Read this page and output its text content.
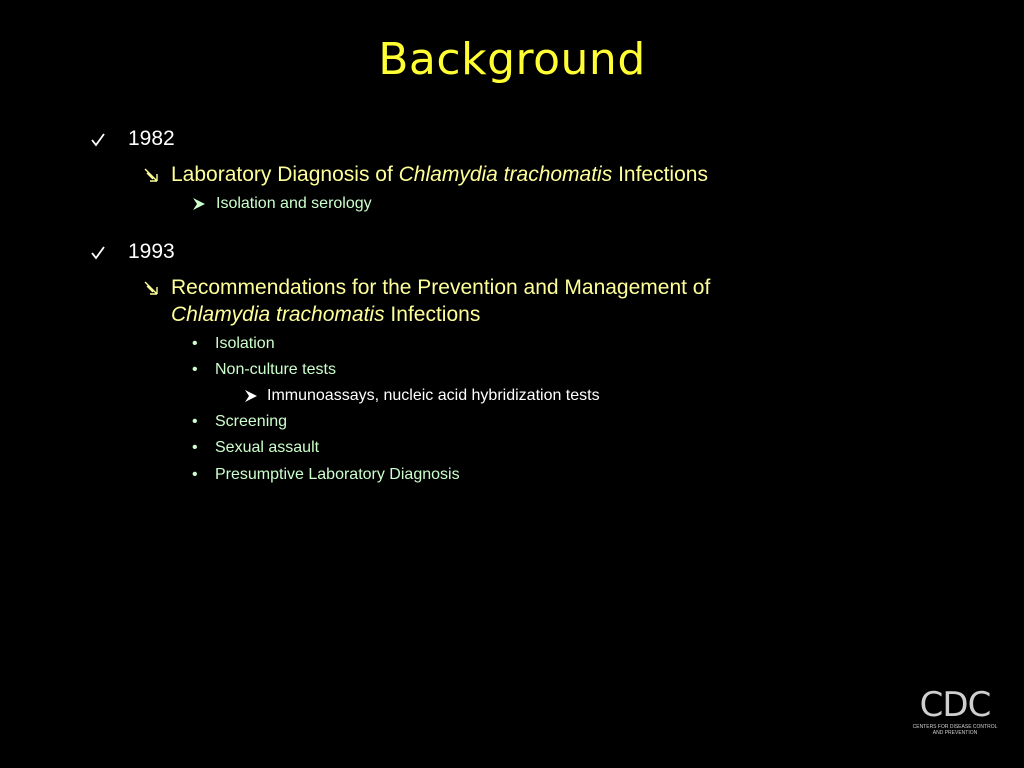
Background
1982
Laboratory Diagnosis of Chlamydia trachomatis Infections
Isolation and serology
1993
Recommendations for the Prevention and Management of
Chlamydia trachomatis Infections
• Isolation
• Non-culture tests
Immunoassays, nucleic acid hybridization tests
• Screening
• Sexual assault
• Presumptive Laboratory Diagnosis
CDC
CENTERS FOR DISEASE CONTROL
AND PREVENTION
